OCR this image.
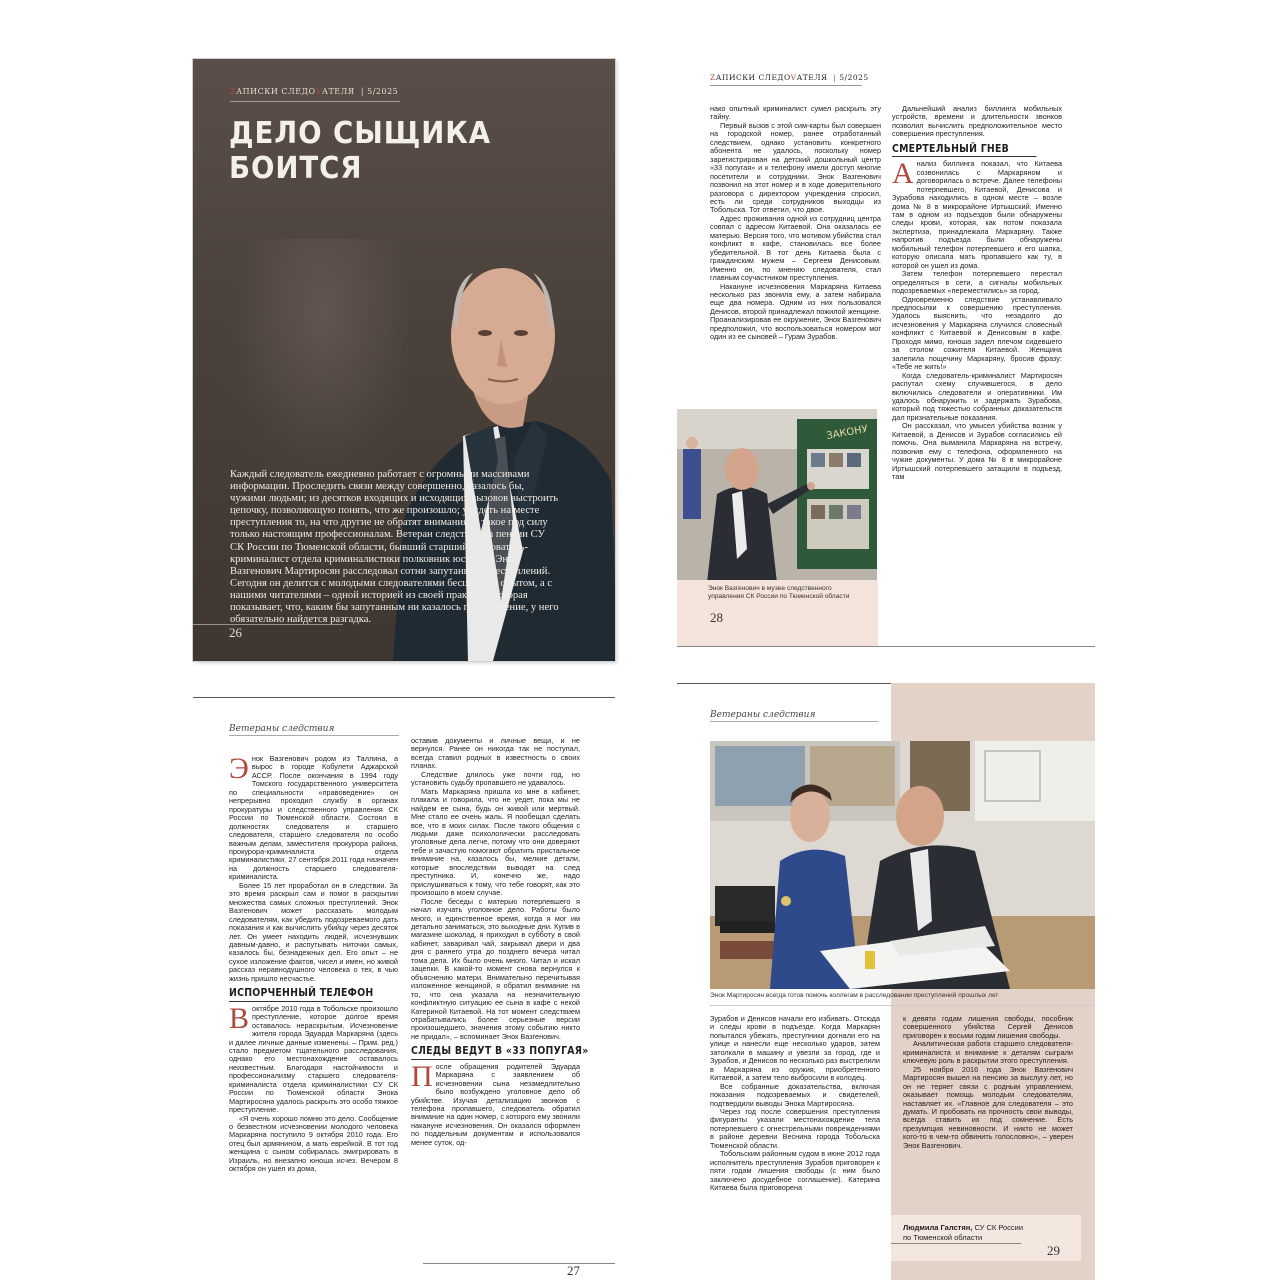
ZАПИСКИ СЛЕДОVАТЕЛЯ | 5/2025
ДЕЛО СЫЩИКА БОИТСЯ
Каждый следователь ежедневно работает с огромными массивами информации. Проследить связи между совершенно, казалось бы, чужими людьми; из десятков входящих и исходящих вызовов выстроить цепочку, позволяющую понять, что же произошло; увидеть на месте преступления то, на что другие не обратят внимания, – такое под силу только настоящим профессионалам. Ветеран следствия на пенсии СУ СК России по Тюменской области, бывший старший следователь-криминалист отдела криминалистики полковник юстиции Энок Вазгенович Мартиросян расследовал сотни запутанных преступлений. Сегодня он делится с молодыми следователями бесценным опытом, а с нашими читателями – одной историей из своей практики, которая показывает, что, каким бы запутанным ни казалось преступление, у него обязательно найдется разгадка.
26
ZАПИСКИ СЛЕДОVАТЕЛЯ | 5/2025

нако опытный криминалист сумел раскрыть эту тайну.

Первый вызов с этой сим-карты был совершен на городской номер, ранее отработанный следствием, однако установить конкретного абонента не удалось, поскольку номер зарегистрирован на детский дошкольный центр «33 попугая» и к телефону имели доступ многие посетители и сотрудники. Энок Вазгенович позвонил на этот номер и в ходе доверительного разговора с директором учреждения спросил, есть ли среди сотрудников выходцы из Тобольска. Тот ответил, что двое.

Адрес проживания одной из сотрудниц центра совпал с адресом Китаевой. Она оказалась ее матерью. Версия того, что мотивом убийства стал конфликт в кафе, становилась все более убедительной. В тот день Китаева была с гражданским мужем – Сергеем Денисовым. Именно он, по мнению следователя, стал главным соучастником преступления.

Накануне исчезновения Маркаряна Китаева несколько раз звонила ему, а затем набирала еще два номера. Одним из них пользовался Денисов, второй принадлежал пожилой женщине. Проанализировав ее окружение, Энок Вазгенович предположил, что воспользоваться номером мог один из ее сыновей – Гурам Зурабов.

Дальнейший анализ биллинга мобильных устройств, времени и длительности звонков позволил вычислить предположительное место совершения преступления.

СМЕРТЕЛЬНЫЙ ГНЕВ

Анализ биллинга показал, что Китаева созвонилась с Маркаряном и договорилась о встрече. Далее телефоны потерпевшего, Китаевой, Денисова и Зурабова находились в одном месте – возле дома № 8 в микрорайоне Иртышский. Именно там в одном из подъездов были обнаружены следы крови, которая, как потом показала экспертиза, принадлежала Маркаряну. Также напротив подъезда были обнаружены мобильный телефон потерпевшего и его шапка, которую описала мать пропавшего как ту, в которой он ушел из дома.

Затем телефон потерпевшего перестал определяться в сети, а сигналы мобильных подозреваемых «переместились» за город.

Одновременно следствие устанавливало предпосылки к совершению преступления. Удалось выяснить, что незадолго до исчезновения у Маркаряна случился словесный конфликт с Китаевой и Денисовым в кафе. Проходя мимо, юноша задел плечом сидевшего за столом сожителя Китаевой. Женщина залепила пощечину Маркаряну, бросив фразу: «Тебе не жить!»

Когда следователь-криминалист Мартиросян распутал схему случившегося, в дело включились следователи и оперативники. Им удалось обнаружить и задержать Зурабова, который под тяжестью собранных доказательств дал признательные показания.

Он рассказал, что умысел убийства возник у Китаевой, а Денисов и Зурабов согласились ей помочь. Она выманила Маркаряна на встречу, позвонив ему с телефона, оформленного на чужие документы. У дома № 8 в микрорайоне Иртышский потерпевшего затащили в подъезд, там

ЗАКОНУ
Энок Вазгенович в музее следственного управления СК России по Тюменской области
28
Ветераны следствия

Энок Вазгенович родом из Таллина, а вырос в городе Кобулети Аджарской АССР. После окончания в 1994 году Томского государственного университета по специальности «правоведение» он непрерывно проходил службу в органах прокуратуры и следственного управления СК России по Тюменской области. Состоял в должностях следователя и старшего следователя, старшего следователя по особо важным делам, заместителя прокурора района, прокурора-криминалиста отдела криминалистики. 27 сентября 2011 года назначен на должность старшего следователя-криминалиста.

Более 15 лет проработал он в следствии. За это время раскрыл сам и помог в раскрытии множества самых сложных преступлений. Энок Вазгенович может рассказать молодым следователям, как убедить подозреваемого дать показания и как вычислить убийцу через десяток лет. Он умеет находить людей, исчезнувших давным-давно, и распутывать ниточки самых, казалось бы, безнадежных дел. Его опыт – не сухое изложение фактов, чисел и имен, но живой рассказ неравнодушного человека о тех, в чью жизнь пришло несчастье.

ИСПОРЧЕННЫЙ ТЕЛЕФОН

Воктябре 2010 года в Тобольске произошло преступление, которое долгое время оставалось нераскрытым. Исчезновение жителя города Эдуарда Маркаряна (здесь и далее личные данные изменены. – Прим. ред.) стало предметом тщательного расследования, однако его местонахождение оставалось неизвестным. Благодаря настойчивости и профессионализму старшего следователя-криминалиста отдела криминалистики СУ СК России по Тюменской области Энока Мартиросяна удалось раскрыть это особо тяжкое преступление.

«Я очень хорошо помню это дело. Сообщение о безвестном исчезновении молодого человека Маркаряна поступило 9 октября 2010 года. Его отец был армянином, а мать еврейкой. В тот год женщина с сыном собиралась эмигрировать в Израиль, но внезапно юноша исчез. Вечером 8 октября он ушел из дома,

оставив документы и личные вещи, и не вернулся. Ранее он никогда так не поступал, всегда ставил родных в известность о своих планах.

Следствие длилось уже почти год, но установить судьбу пропавшего не удавалось.

Мать Маркаряна пришла ко мне в кабинет, плакала и говорила, что не уедет, пока мы не найдем ее сына, будь он живой или мертвый. Мне стало ее очень жаль. Я пообещал сделать все, что в моих силах. После такого общения с людьми даже психологически расследовать уголовные дела легче, потому что они доверяют тебе и зачастую помогают обратить пристальное внимание на, казалось бы, мелкие детали, которые впоследствии выводят на след преступника. И, конечно же, надо прислушиваться к тому, что тебе говорят, как это произошло в моем случае.

После беседы с матерью потерпевшего я начал изучать уголовное дело. Работы было много, и единственное время, когда я мог им детально заниматься, это выходные дни. Купив в магазине шоколад, я приходил в субботу в свой кабинет, заваривал чай, закрывал двери и два дня с раннего утра до позднего вечера читал тома дела. Их было очень много. Читал и искал зацепки. В какой-то момент снова вернулся к объяснению матери. Внимательно перечитывая изложенное женщиной, я обратил внимание на то, что она указала на незначительную конфликтную ситуацию ее сына в кафе с некой Катериной Китаевой. На тот момент следствием отрабатывались более серьезные версии произошедшего, значения этому событию никто не придал», – вспоминает Энок Вазгенович.

СЛЕДЫ ВЕДУТ В «33 ПОПУГАЯ»

После обращения родителей Эдуарда Маркаряна с заявлением об исчезновении сына незамедлительно было возбуждено уголовное дело об убийстве. Изучая детализацию звонков с телефона пропавшего, следователь обратил внимание на один номер, с которого ему звонили накануне исчезновения. Он оказался оформлен по поддельным документам и использовался менее суток, од-

27
Ветераны следствия
Энок Мартиросян всегда готов помочь коллегам в расследовании преступлений прошлых лет

Зурабов и Денисов начали его избивать. Отсюда и следы крови в подъезде. Когда Маркарян попытался убежать, преступники догнали его на улице и нанесли еще несколько ударов, затем затолкали в машину и увезли за город, где и Зурабов, и Денисов по несколько раз выстрелили в Маркаряна из оружия, приобретенного Китаевой, а затем тело выбросили в колодец.

Все собранные доказательства, включая показания подозреваемых и свидетелей, подтвердили выводы Энока Мартиросяна.

Через год после совершения преступления фигуранты указали местонахождение тела потерпевшего с огнестрельными повреждениями в районе деревни Веснина города Тобольска Тюменской области.

Тобольским районным судом в июне 2012 года исполнитель преступления Зурабов приговорен к пяти годам лишения свободы (с ним было заключено досудебное соглашение). Катерина Китаева была приговорена

к девяти годам лишения свободы, пособник совершенного убийства Сергей Денисов приговорен к восьми годам лишения свободы.

Аналитическая работа старшего следователя-криминалиста и внимание к деталям сыграли ключевую роль в раскрытии этого преступления.

25 ноября 2016 года Энок Вазгенович Мартиросян вышел на пенсию за выслугу лет, но он не теряет связи с родным управлением, оказывает помощь молодым следователям, наставляет их. «Главное для следователя – это думать. И пробовать на прочность свои выводы, всегда ставить их под сомнение. Есть презумпция невиновности. И никто не может кого-то в чем-то обвинить голословно», – уверен Энок Вазгенович.

Людмила Галстян, СУ СК России
по Тюменской области
29
